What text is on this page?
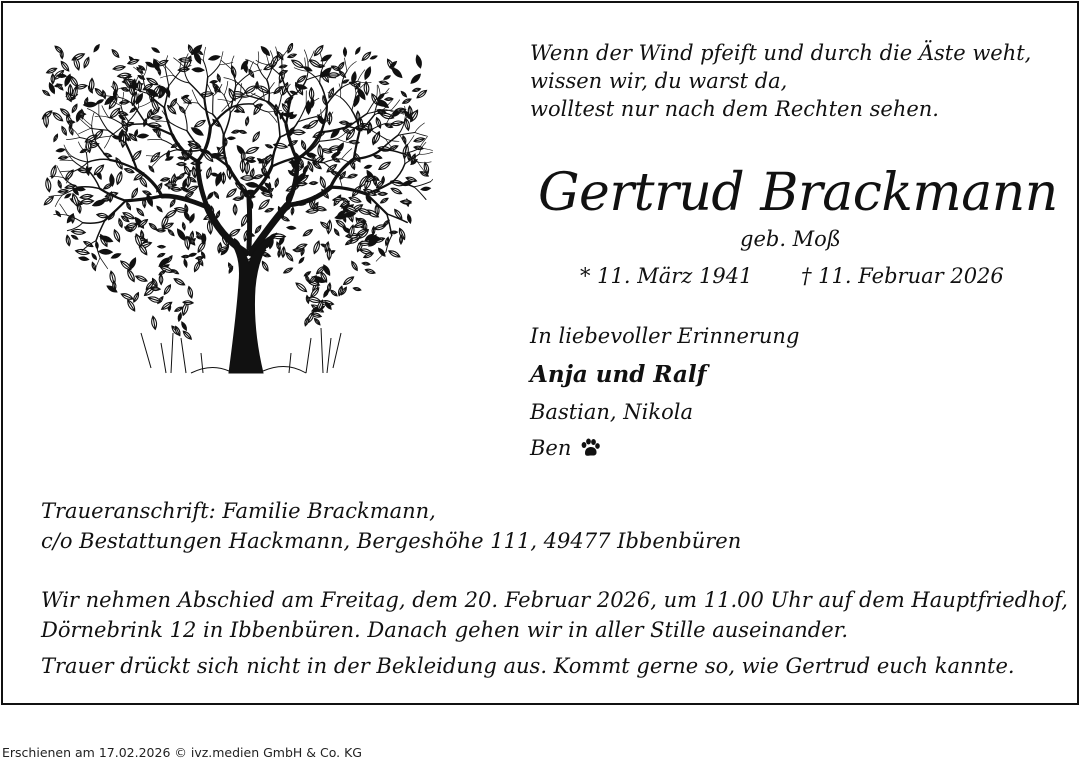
Wenn der Wind pfeift und durch die Äste weht,
wissen wir, du warst da,
wolltest nur nach dem Rechten sehen.
Gertrud Brackmann
geb. Moß
* 11. März 1941 † 11. Februar 2026
In liebevoller Erinnerung
Anja und Ralf
Bastian, Nikola
Ben
Traueranschrift: Familie Brackmann,
c/o Bestattungen Hackmann, Bergeshöhe 111, 49477 Ibbenbüren
Wir nehmen Abschied am Freitag, dem 20. Februar 2026, um 11.00 Uhr auf dem Hauptfriedhof,
Dörnebrink 12 in Ibbenbüren. Danach gehen wir in aller Stille auseinander.
Trauer drückt sich nicht in der Bekleidung aus. Kommt gerne so, wie Gertrud euch kannte.
Erschienen am 17.02.2026 © ivz.medien GmbH & Co. KG
